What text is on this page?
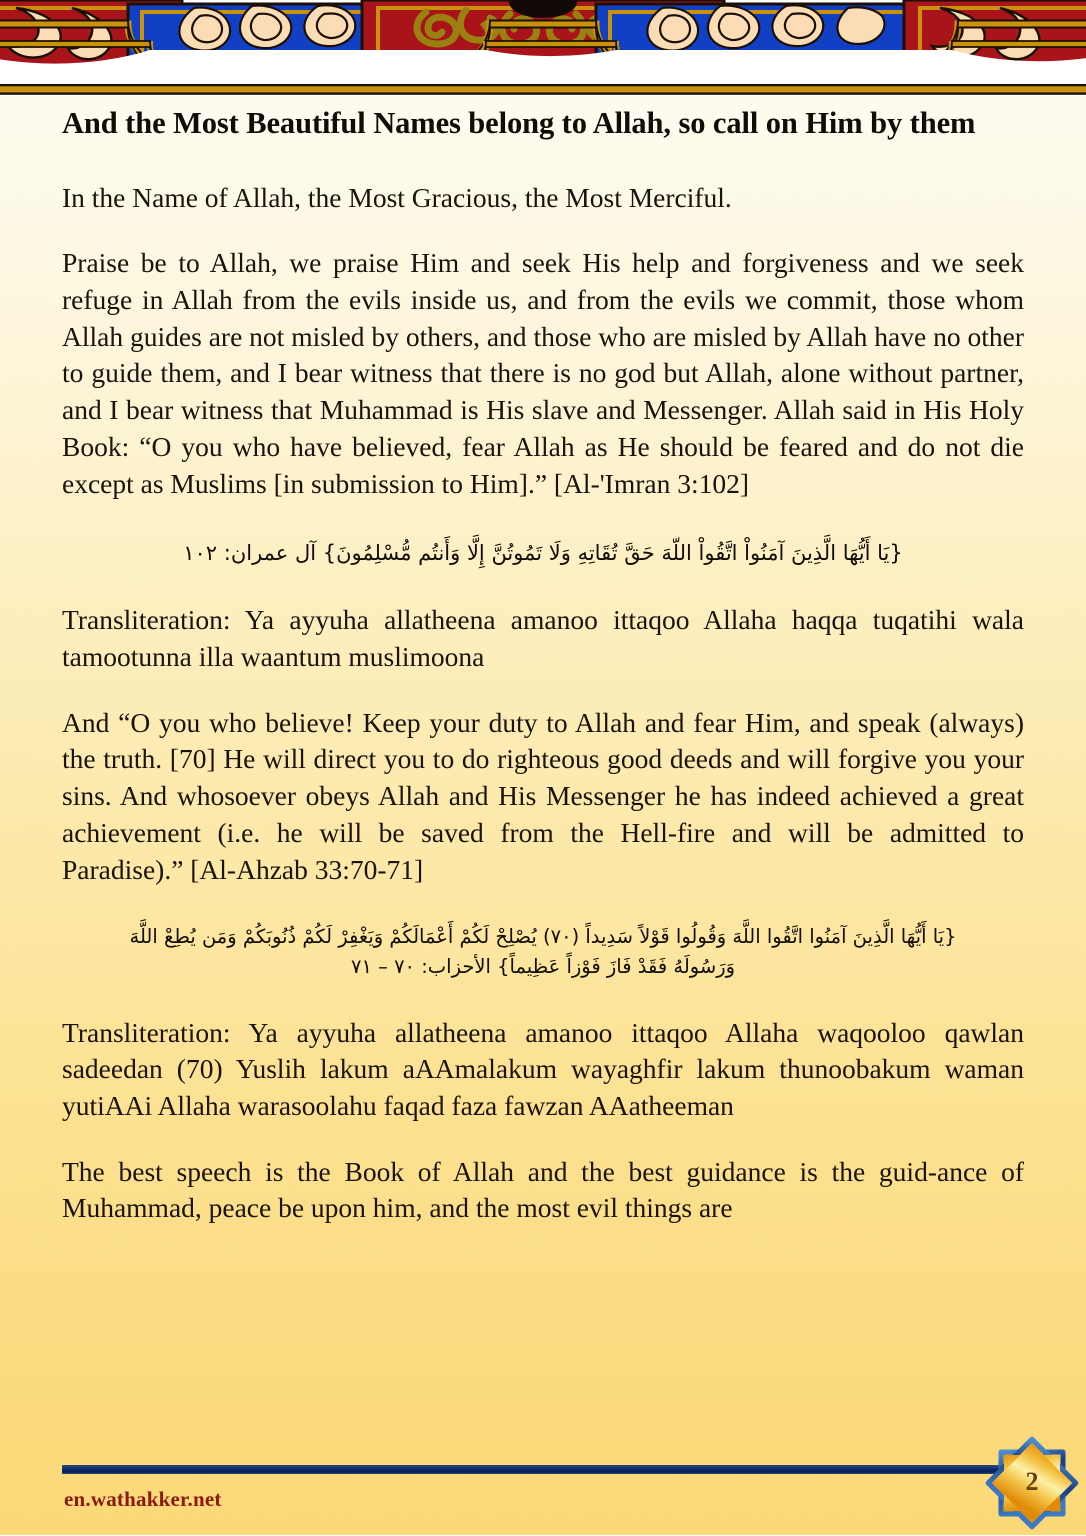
And the Most Beautiful Names belong to Allah, so call on Him by them

In the Name of Allah, the Most Gracious, the Most Merciful.

Praise be to Allah, we praise Him and seek His help and forgiveness and we seek refuge in Allah from the evils inside us, and from the evils we commit, those whom Allah guides are not misled by others, and those who are misled by Allah have no other to guide them, and I bear witness that there is no god but Allah, alone without partner, and I bear witness that Muhammad is His slave and Messenger. Allah said in His Holy Book: “O you who have believed, fear Allah as He should be feared and do not die except as Muslims [in submission to Him].” [Al-'Imran 3:102]

{يَا أَيُّهَا الَّذِينَ آمَنُواْ اتَّقُواْ اللّهَ حَقَّ تُقَاتِهِ وَلَا تَمُوتُنَّ إِلَّا وَأَنتُم مُّسْلِمُونَ} آل عمران: ١٠٢

Transliteration: Ya ayyuha allatheena amanoo ittaqoo Allaha haqqa tuqatihi wala tamootunna illa waantum muslimoona

And “O you who believe! Keep your duty to Allah and fear Him, and speak (always) the truth. [70] He will direct you to do righteous good deeds and will forgive you your sins. And whosoever obeys Allah and His Messenger he has indeed achieved a great achievement (i.e. he will be saved from the Hell-fire and will be admitted to Paradise).” [Al-Ahzab 33:70-71]

{يَا أَيُّهَا الَّذِينَ آمَنُوا اتَّقُوا اللَّهَ وَقُولُوا قَوْلاً سَدِيداً (٧٠) يُصْلِحْ لَكُمْ أَعْمَالَكُمْ وَيَغْفِرْ لَكُمْ ذُنُوبَكُمْ وَمَن يُطِعْ اللَّهَ
وَرَسُولَهُ فَقَدْ فَازَ فَوْزاً عَظِيماً} الأحزاب: ٧٠ – ٧١

Transliteration: Ya ayyuha allatheena amanoo ittaqoo Allaha waqooloo qawlan sadeedan (70) Yuslih lakum aAAmalakum wayaghfir lakum thunoobakum waman yutiAAi Allaha warasoolahu faqad faza fawzan AAatheeman

The best speech is the Book of Allah and the best guidance is the guid-ance of Muhammad, peace be upon him, and the most evil things are

en.wathakker.net
2
